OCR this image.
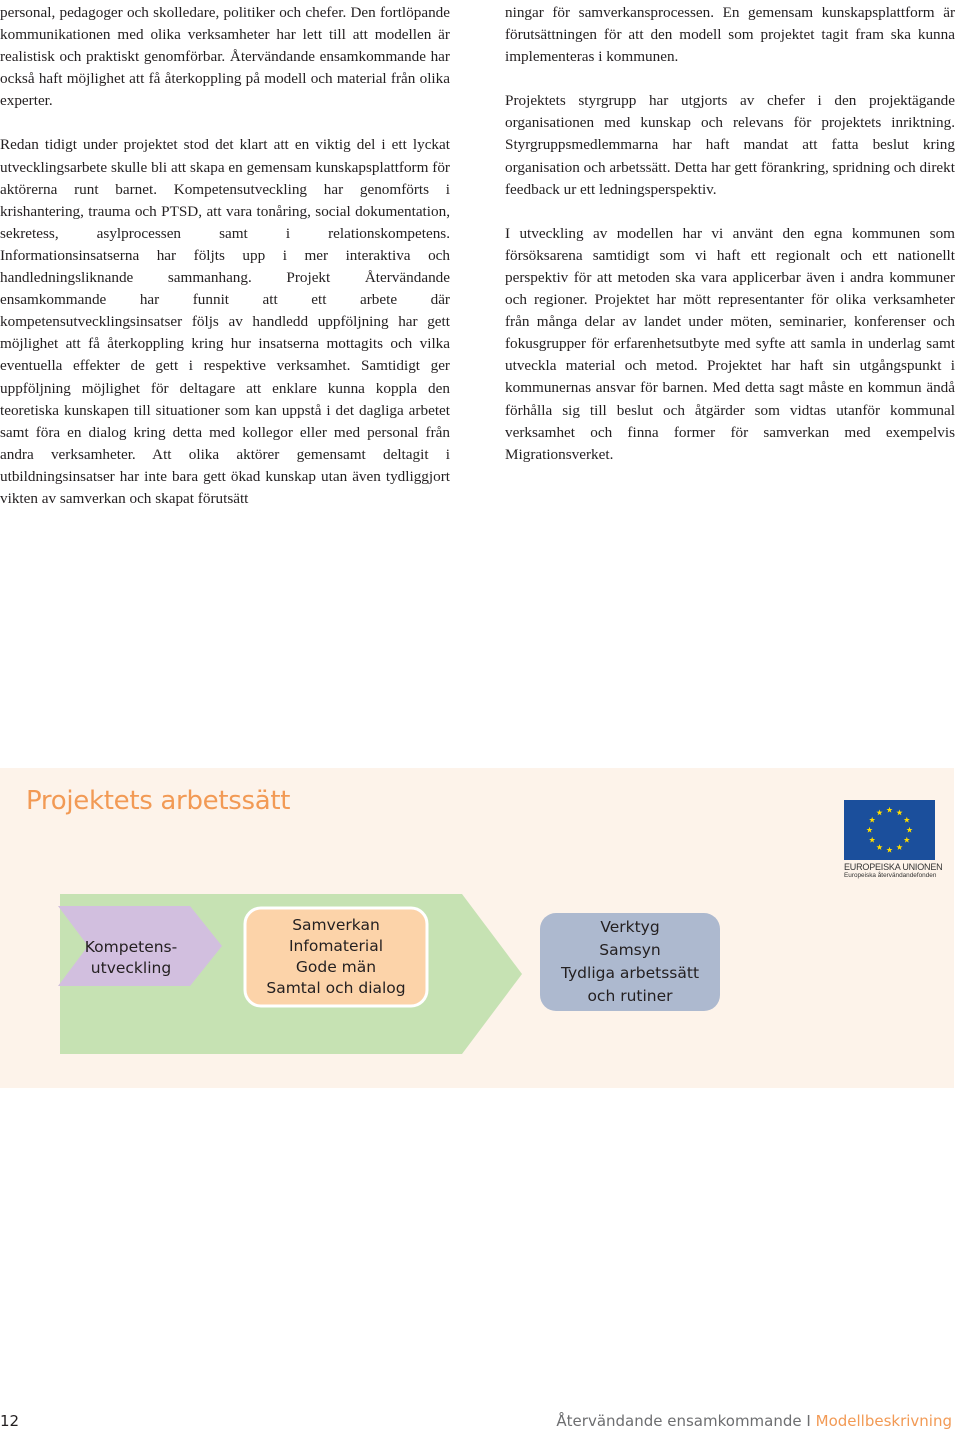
personal, pedagoger och skolledare, politiker och chefer. Den fortlöpande kommunikationen med olika verksamheter har lett till att modellen är realistisk och praktiskt genomförbar. Återvändande ensamkommande har också haft möjlighet att få återkoppling på modell och material från olika experter.

Redan tidigt under projektet stod det klart att en viktig del i ett lyckat utvecklingsarbete skulle bli att skapa en gemensam kunskapsplattform för aktörerna runt barnet. Kompetensutveckling har genomförts i krishantering, trauma och PTSD, att vara tonåring, social dokumentation, sekretess, asylprocessen samt i relationskompetens. Informationsinsatserna har följts upp i mer interaktiva och handledningsliknande sammanhang. Projekt Återvändande ensamkommande har funnit att ett arbete där kompetensutvecklingsinsatser följs av handledd uppföljning har gett möjlighet att få återkoppling kring hur insatserna mottagits och vilka eventuella effekter de gett i respektive verksamhet. Samtidigt ger uppföljning möjlighet för deltagare att enklare kunna koppla den teoretiska kunskapen till situationer som kan uppstå i det dagliga arbetet samt föra en dialog kring detta med kollegor eller med personal från andra verksamheter. Att olika aktörer gemensamt deltagit i utbildningsinsatser har inte bara gett ökad kunskap utan även tydliggjort vikten av samverkan och skapat förutsätt

ningar för samverkansprocessen. En gemensam kunskapsplattform är förutsättningen för att den modell som projektet tagit fram ska kunna implementeras i kommunen.

Projektets styrgrupp har utgjorts av chefer i den projektägande organisationen med kunskap och relevans för projektets inriktning. Styrgruppsmedlemmarna har haft mandat att fatta beslut kring organisation och arbetssätt. Detta har gett förankring, spridning och direkt feedback ur ett ledningsperspektiv.

I utveckling av modellen har vi använt den egna kommunen som försöksarena samtidigt som vi haft ett regionalt och ett nationellt perspektiv för att metoden ska vara applicerbar även i andra kommuner och regioner. Projektet har mött representanter för olika verksamheter från många delar av landet under möten, seminarier, konferenser och fokusgrupper för erfarenhetsutbyte med syfte att samla in underlag samt utveckla material och metod. Projektet har haft sin utgångspunkt i kommunernas ansvar för barnen. Med detta sagt måste en kommun ändå förhålla sig till beslut och åtgärder som vidtas utanför kommunal verksamhet och finna former för samverkan med exempelvis Migrationsverket.

Projektets arbetssätt
EUROPEISKA UNIONEN
Europeiska återvändandefonden
Kompetens-
utveckling
Samverkan
Infomaterial
Gode män
Samtal och dialog
Verktyg
Samsyn
Tydliga arbetssätt
och rutiner
12	Återvändande ensamkommande I Modellbeskrivning
